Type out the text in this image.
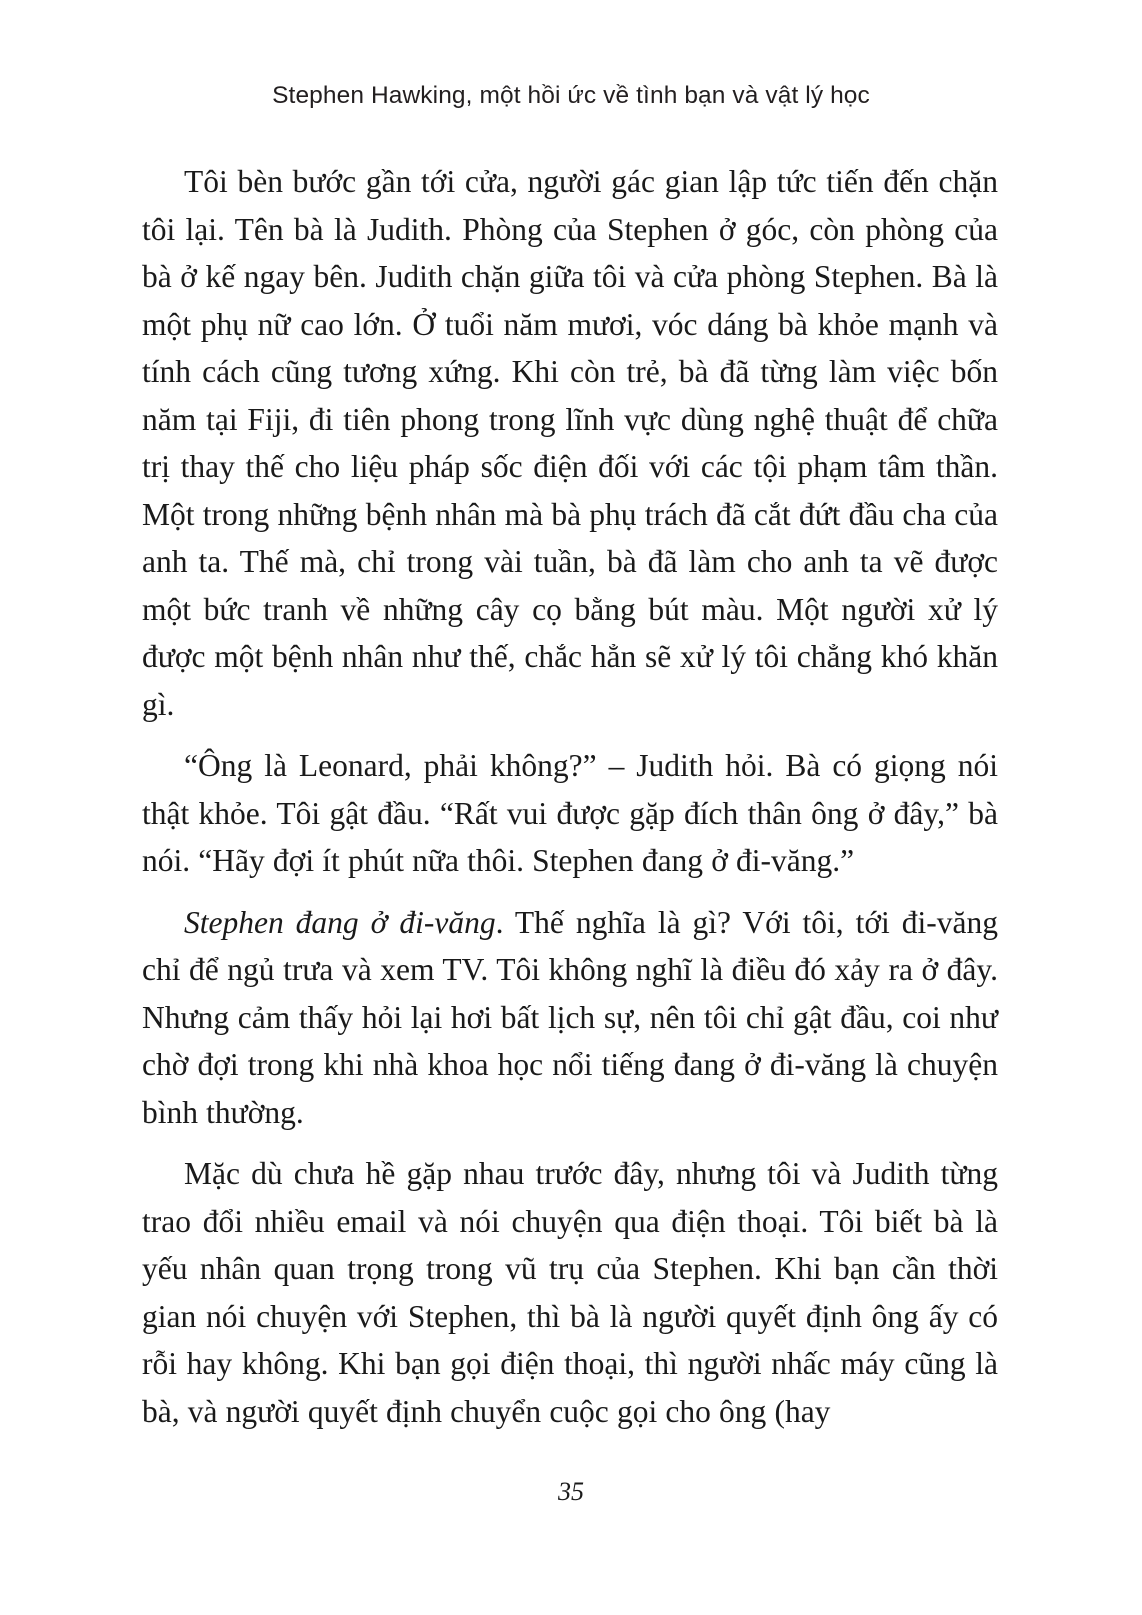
Stephen Hawking, một hồi ức về tình bạn và vật lý học

Tôi bèn bước gần tới cửa, người gác gian lập tức tiến đến chặn tôi lại. Tên bà là Judith. Phòng của Stephen ở góc, còn phòng của bà ở kế ngay bên. Judith chặn giữa tôi và cửa phòng Stephen. Bà là một phụ nữ cao lớn. Ở tuổi năm mươi, vóc dáng bà khỏe mạnh và tính cách cũng tương xứng. Khi còn trẻ, bà đã từng làm việc bốn năm tại Fiji, đi tiên phong trong lĩnh vực dùng nghệ thuật để chữa trị thay thế cho liệu pháp sốc điện đối với các tội phạm tâm thần. Một trong những bệnh nhân mà bà phụ trách đã cắt đứt đầu cha của anh ta. Thế mà, chỉ trong vài tuần, bà đã làm cho anh ta vẽ được một bức tranh về những cây cọ bằng bút màu. Một người xử lý được một bệnh nhân như thế, chắc hẳn sẽ xử lý tôi chẳng khó khăn gì.

“Ông là Leonard, phải không?” – Judith hỏi. Bà có giọng nói thật khỏe. Tôi gật đầu. “Rất vui được gặp đích thân ông ở đây,” bà nói. “Hãy đợi ít phút nữa thôi. Stephen đang ở đi-văng.”

Stephen đang ở đi-văng. Thế nghĩa là gì? Với tôi, tới đi-văng chỉ để ngủ trưa và xem TV. Tôi không nghĩ là điều đó xảy ra ở đây. Nhưng cảm thấy hỏi lại hơi bất lịch sự, nên tôi chỉ gật đầu, coi như chờ đợi trong khi nhà khoa học nổi tiếng đang ở đi-văng là chuyện bình thường.

Mặc dù chưa hề gặp nhau trước đây, nhưng tôi và Judith từng trao đổi nhiều email và nói chuyện qua điện thoại. Tôi biết bà là yếu nhân quan trọng trong vũ trụ của Stephen. Khi bạn cần thời gian nói chuyện với Stephen, thì bà là người quyết định ông ấy có rỗi hay không. Khi bạn gọi điện thoại, thì người nhấc máy cũng là bà, và người quyết định chuyển cuộc gọi cho ông (hay

35
